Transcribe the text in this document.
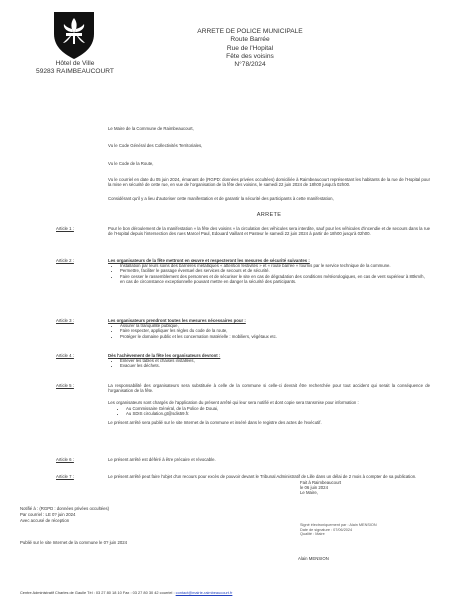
Hôtel de Ville
59283 RAIMBEAUCOURT
ARRETE DE POLICE MUNICIPALE
Route Barrée
Rue de l'Hopital
Fête des voisins
N°78/2024
Le Maire de la Commune de Raimbeaucourt,
Vu le Code Général des Collectivités Territoriales,
Vu le Code de la Route,
Vu le courriel en date du 05 juin 2024, émanant de (RGPD: données privées occultées) domiciliée à Raimbeaucourt représentant les habitants de la rue de l'Hopital pour la mise en sécurité de cette rue, en vue de l'organisation de la fête des voisins, le samedi 22 juin 2024 de 18h00 jusqu'à 02h00.
Considérant qu'il y a lieu d'autoriser cette manifestation et de garantir la sécurité des participants à cette manifestation,
ARRETE
Article 1 :	Pour le bon déroulement de la manifestation « la fête des voisins » la circulation des véhicules sera interdite, sauf pour les véhicules d'incendie et de secours dans la rue de l'Hopital depuis l'intersection des rues Marcel Paul, Edouard Vaillant et Pasteur le samedi 22 juin 2024 à partir de 18h00 jusqu'à 02h00.
Article 2 :	Les organisateurs de la fête mettront en œuvre et respecteront les mesures de sécurité suivantes :
• Installation par leurs soins des barrières métalliques « attention festivités » et « route barrée » fournis par le service technique de la commune.
• Permettre, faciliter le passage éventuel des services de secours et de sécurité.
• Faire cesser le rassemblement des personnes et de sécuriser le site en cas de dégradation des conditions météorologiques, en cas de vent supérieur à 80km/h, en cas de circonstance exceptionnelle pouvant mettre en danger la sécurité des participants.
Article 3 :	Les organisateurs prendront toutes les mesures nécessaires pour :
• Assurer la tranquillité publique,
• Faire respecter, appliquer les règles du code de la route,
• Protéger le domaine public et les concernation matérielle : mobiliers, végétaux etc.
Article 4 :	Dès l'achèvement de la fête les organisateurs devront :
• Enlever les tables et chaises installées,
• Evacuer les déchets.
Article 5 :	La responsabilité des organisateurs sera substituée à celle de la commune si celle-ci devrait être recherchée pour tout accident qui serait la conséquence de l'organisation de la fête.
Les organisateurs sont chargés de l'application du présent arrêté qui leur sera notifié et dont copie sera transmise pour information :
• Au Commissaire Général, de la Police de Douai,
• Au SDIS circulation.gt@sdis59.fr.
Le présent arrêté sera publié sur le site Internet de la commune et inséré dans le registre des actes de l'exécutif.
Article 6 :	Le présent arrêté est déféré à être précaire et révocable.
Article 7 :	Le présent arrêté peut faire l'objet d'un recours pour excès de pouvoir devant le Tribunal Administratif de Lille dans un délai de 2 mois à compter de sa publication.
Fait à Raimbeaucourt
le 06 juin 2024
Le Maire,
Signé électroniquement par : Alain MENSION
Date de signature : 07/06/2024
Qualité : Maire
Alain MENSION
Notifié à : (RGPD : données privées occultées)
Par courriel : LE 0? juin 2024
Avec accusé de réception
Publié sur le site Internet de la commune le 0? juin 2024
Centre Administratif Charles de Gaulle Tél : 03 27 80 18 10 Fax : 03 27 80 30 42 courriel : contact@mairie-raimbeaucourt.fr
